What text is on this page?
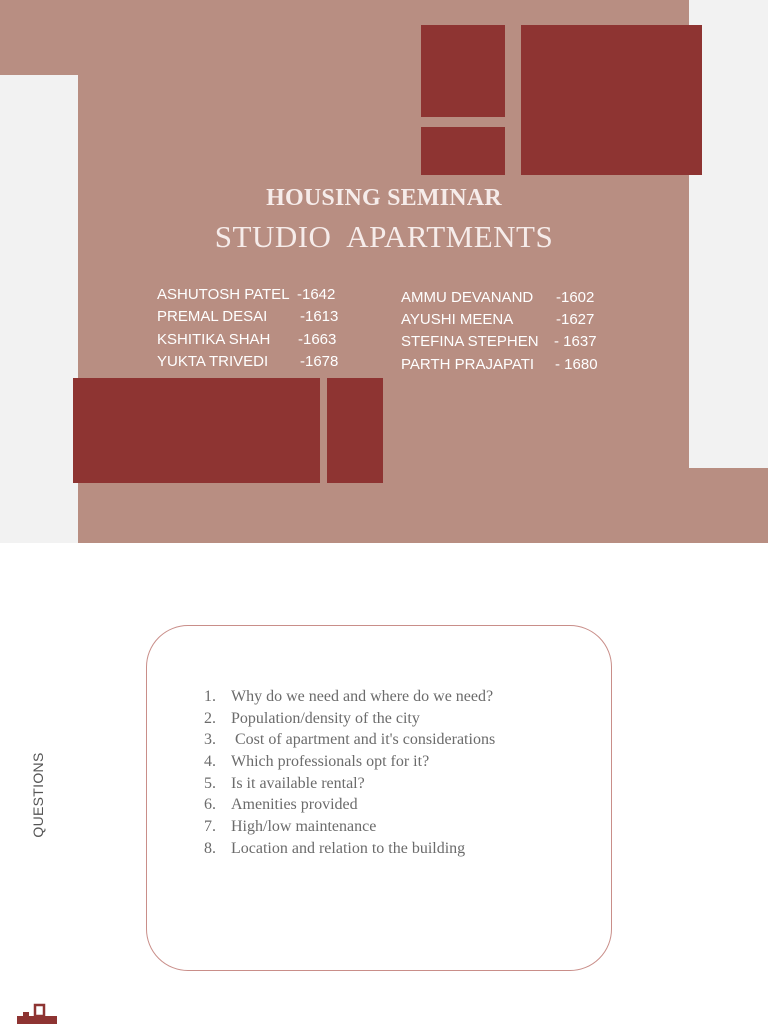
HOUSING SEMINAR
STUDIO  APARTMENTS

ASHUTOSH PATEL

-1642

PREMAL DESAI

-1613

KSHITIKA SHAH

-1663

YUKTA TRIVEDI

-1678

AMMU DEVANAND

-1602

AYUSHI MEENA

	-1627

STEFINA STEPHEN

- 1637

PARTH PRAJAPATI

- 1680

QUESTIONS
1. Why do we need and where do we need?
2. Population/density of the city
3. Cost of apartment and it's considerations
4. Which professionals opt for it?
5. Is it available rental?
6. Amenities provided
7. High/low maintenance
8. Location and relation to the building
